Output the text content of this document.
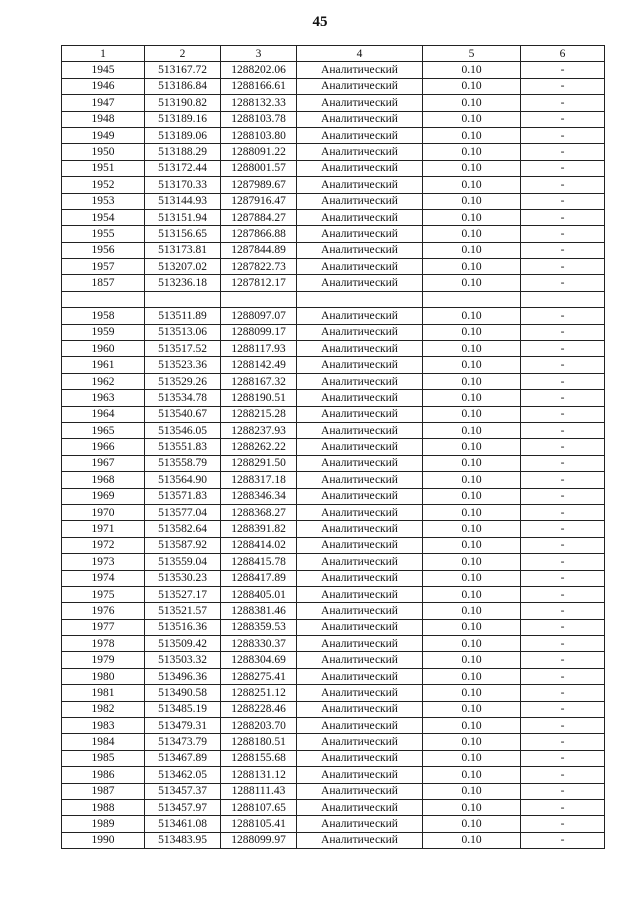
45
1	2	3	4	5	6
1945	513167.72	1288202.06	Аналитический	0.10	-
1946	513186.84	1288166.61	Аналитический	0.10	-
1947	513190.82	1288132.33	Аналитический	0.10	-
1948	513189.16	1288103.78	Аналитический	0.10	-
1949	513189.06	1288103.80	Аналитический	0.10	-
1950	513188.29	1288091.22	Аналитический	0.10	-
1951	513172.44	1288001.57	Аналитический	0.10	-
1952	513170.33	1287989.67	Аналитический	0.10	-
1953	513144.93	1287916.47	Аналитический	0.10	-
1954	513151.94	1287884.27	Аналитический	0.10	-
1955	513156.65	1287866.88	Аналитический	0.10	-
1956	513173.81	1287844.89	Аналитический	0.10	-
1957	513207.02	1287822.73	Аналитический	0.10	-
1857	513236.18	1287812.17	Аналитический	0.10	-

1958	513511.89	1288097.07	Аналитический	0.10	-
1959	513513.06	1288099.17	Аналитический	0.10	-
1960	513517.52	1288117.93	Аналитический	0.10	-
1961	513523.36	1288142.49	Аналитический	0.10	-
1962	513529.26	1288167.32	Аналитический	0.10	-
1963	513534.78	1288190.51	Аналитический	0.10	-
1964	513540.67	1288215.28	Аналитический	0.10	-
1965	513546.05	1288237.93	Аналитический	0.10	-
1966	513551.83	1288262.22	Аналитический	0.10	-
1967	513558.79	1288291.50	Аналитический	0.10	-
1968	513564.90	1288317.18	Аналитический	0.10	-
1969	513571.83	1288346.34	Аналитический	0.10	-
1970	513577.04	1288368.27	Аналитический	0.10	-
1971	513582.64	1288391.82	Аналитический	0.10	-
1972	513587.92	1288414.02	Аналитический	0.10	-
1973	513559.04	1288415.78	Аналитический	0.10	-
1974	513530.23	1288417.89	Аналитический	0.10	-
1975	513527.17	1288405.01	Аналитический	0.10	-
1976	513521.57	1288381.46	Аналитический	0.10	-
1977	513516.36	1288359.53	Аналитический	0.10	-
1978	513509.42	1288330.37	Аналитический	0.10	-
1979	513503.32	1288304.69	Аналитический	0.10	-
1980	513496.36	1288275.41	Аналитический	0.10	-
1981	513490.58	1288251.12	Аналитический	0.10	-
1982	513485.19	1288228.46	Аналитический	0.10	-
1983	513479.31	1288203.70	Аналитический	0.10	-
1984	513473.79	1288180.51	Аналитический	0.10	-
1985	513467.89	1288155.68	Аналитический	0.10	-
1986	513462.05	1288131.12	Аналитический	0.10	-
1987	513457.37	1288111.43	Аналитический	0.10	-
1988	513457.97	1288107.65	Аналитический	0.10	-
1989	513461.08	1288105.41	Аналитический	0.10	-
1990	513483.95	1288099.97	Аналитический	0.10	-
